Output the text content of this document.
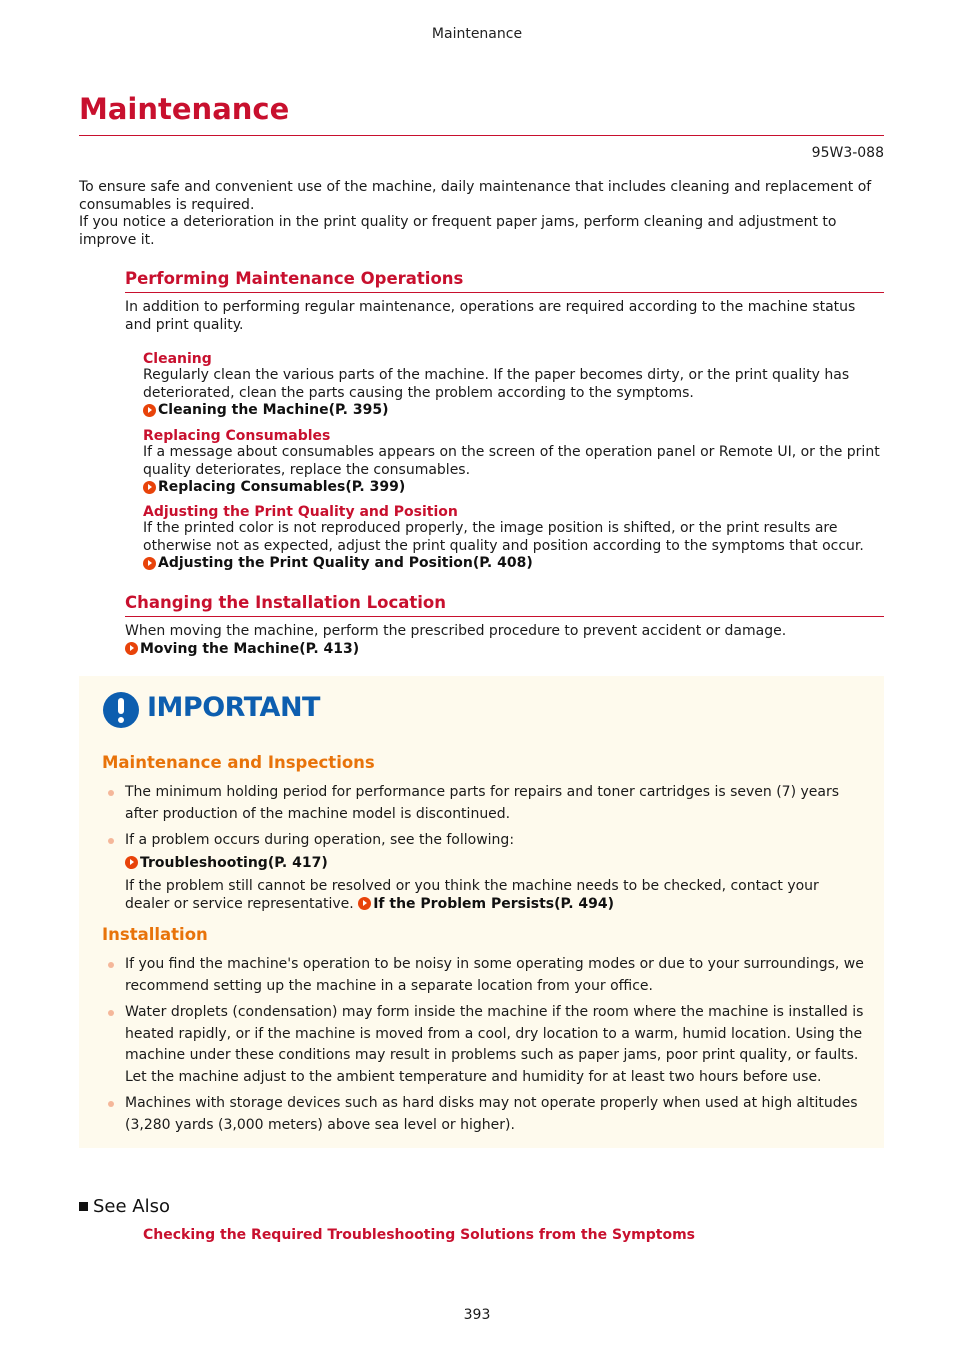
Maintenance
Maintenance
95W3-088

To ensure safe and convenient use of the machine, daily maintenance that includes cleaning and replacement of consumables is required.

If you notice a deterioration in the print quality or frequent paper jams, perform cleaning and adjustment to improve it.

Performing Maintenance Operations
In addition to performing regular maintenance, operations are required according to the machine status and print quality.
Cleaning
Regularly clean the various parts of the machine. If the paper becomes dirty, or the print quality has deteriorated, clean the parts causing the problem according to the symptoms.
Cleaning the Machine(P. 395)
Replacing Consumables
If a message about consumables appears on the screen of the operation panel or Remote UI, or the print quality deteriorates, replace the consumables.
Replacing Consumables(P. 399)
Adjusting the Print Quality and Position
If the printed color is not reproduced properly, the image position is shifted, or the print results are otherwise not as expected, adjust the print quality and position according to the symptoms that occur.
Adjusting the Print Quality and Position(P. 408)
Changing the Installation Location
When moving the machine, perform the prescribed procedure to prevent accident or damage.
Moving the Machine(P. 413)
IMPORTANT
Maintenance and Inspections
The minimum holding period for performance parts for repairs and toner cartridges is seven (7) years after production of the machine model is discontinued.
If a problem occurs during operation, see the following:
Troubleshooting(P. 417)
If the problem still cannot be resolved or you think the machine needs to be checked, contact your dealer or service representative. If the Problem Persists(P. 494)
Installation
If you find the machine's operation to be noisy in some operating modes or due to your surroundings, we recommend setting up the machine in a separate location from your office.
Water droplets (condensation) may form inside the machine if the room where the machine is installed is heated rapidly, or if the machine is moved from a cool, dry location to a warm, humid location. Using the machine under these conditions may result in problems such as paper jams, poor print quality, or faults. Let the machine adjust to the ambient temperature and humidity for at least two hours before use.
Machines with storage devices such as hard disks may not operate properly when used at high altitudes (3,280 yards (3,000 meters) above sea level or higher).
See Also
Checking the Required Troubleshooting Solutions from the Symptoms
393
